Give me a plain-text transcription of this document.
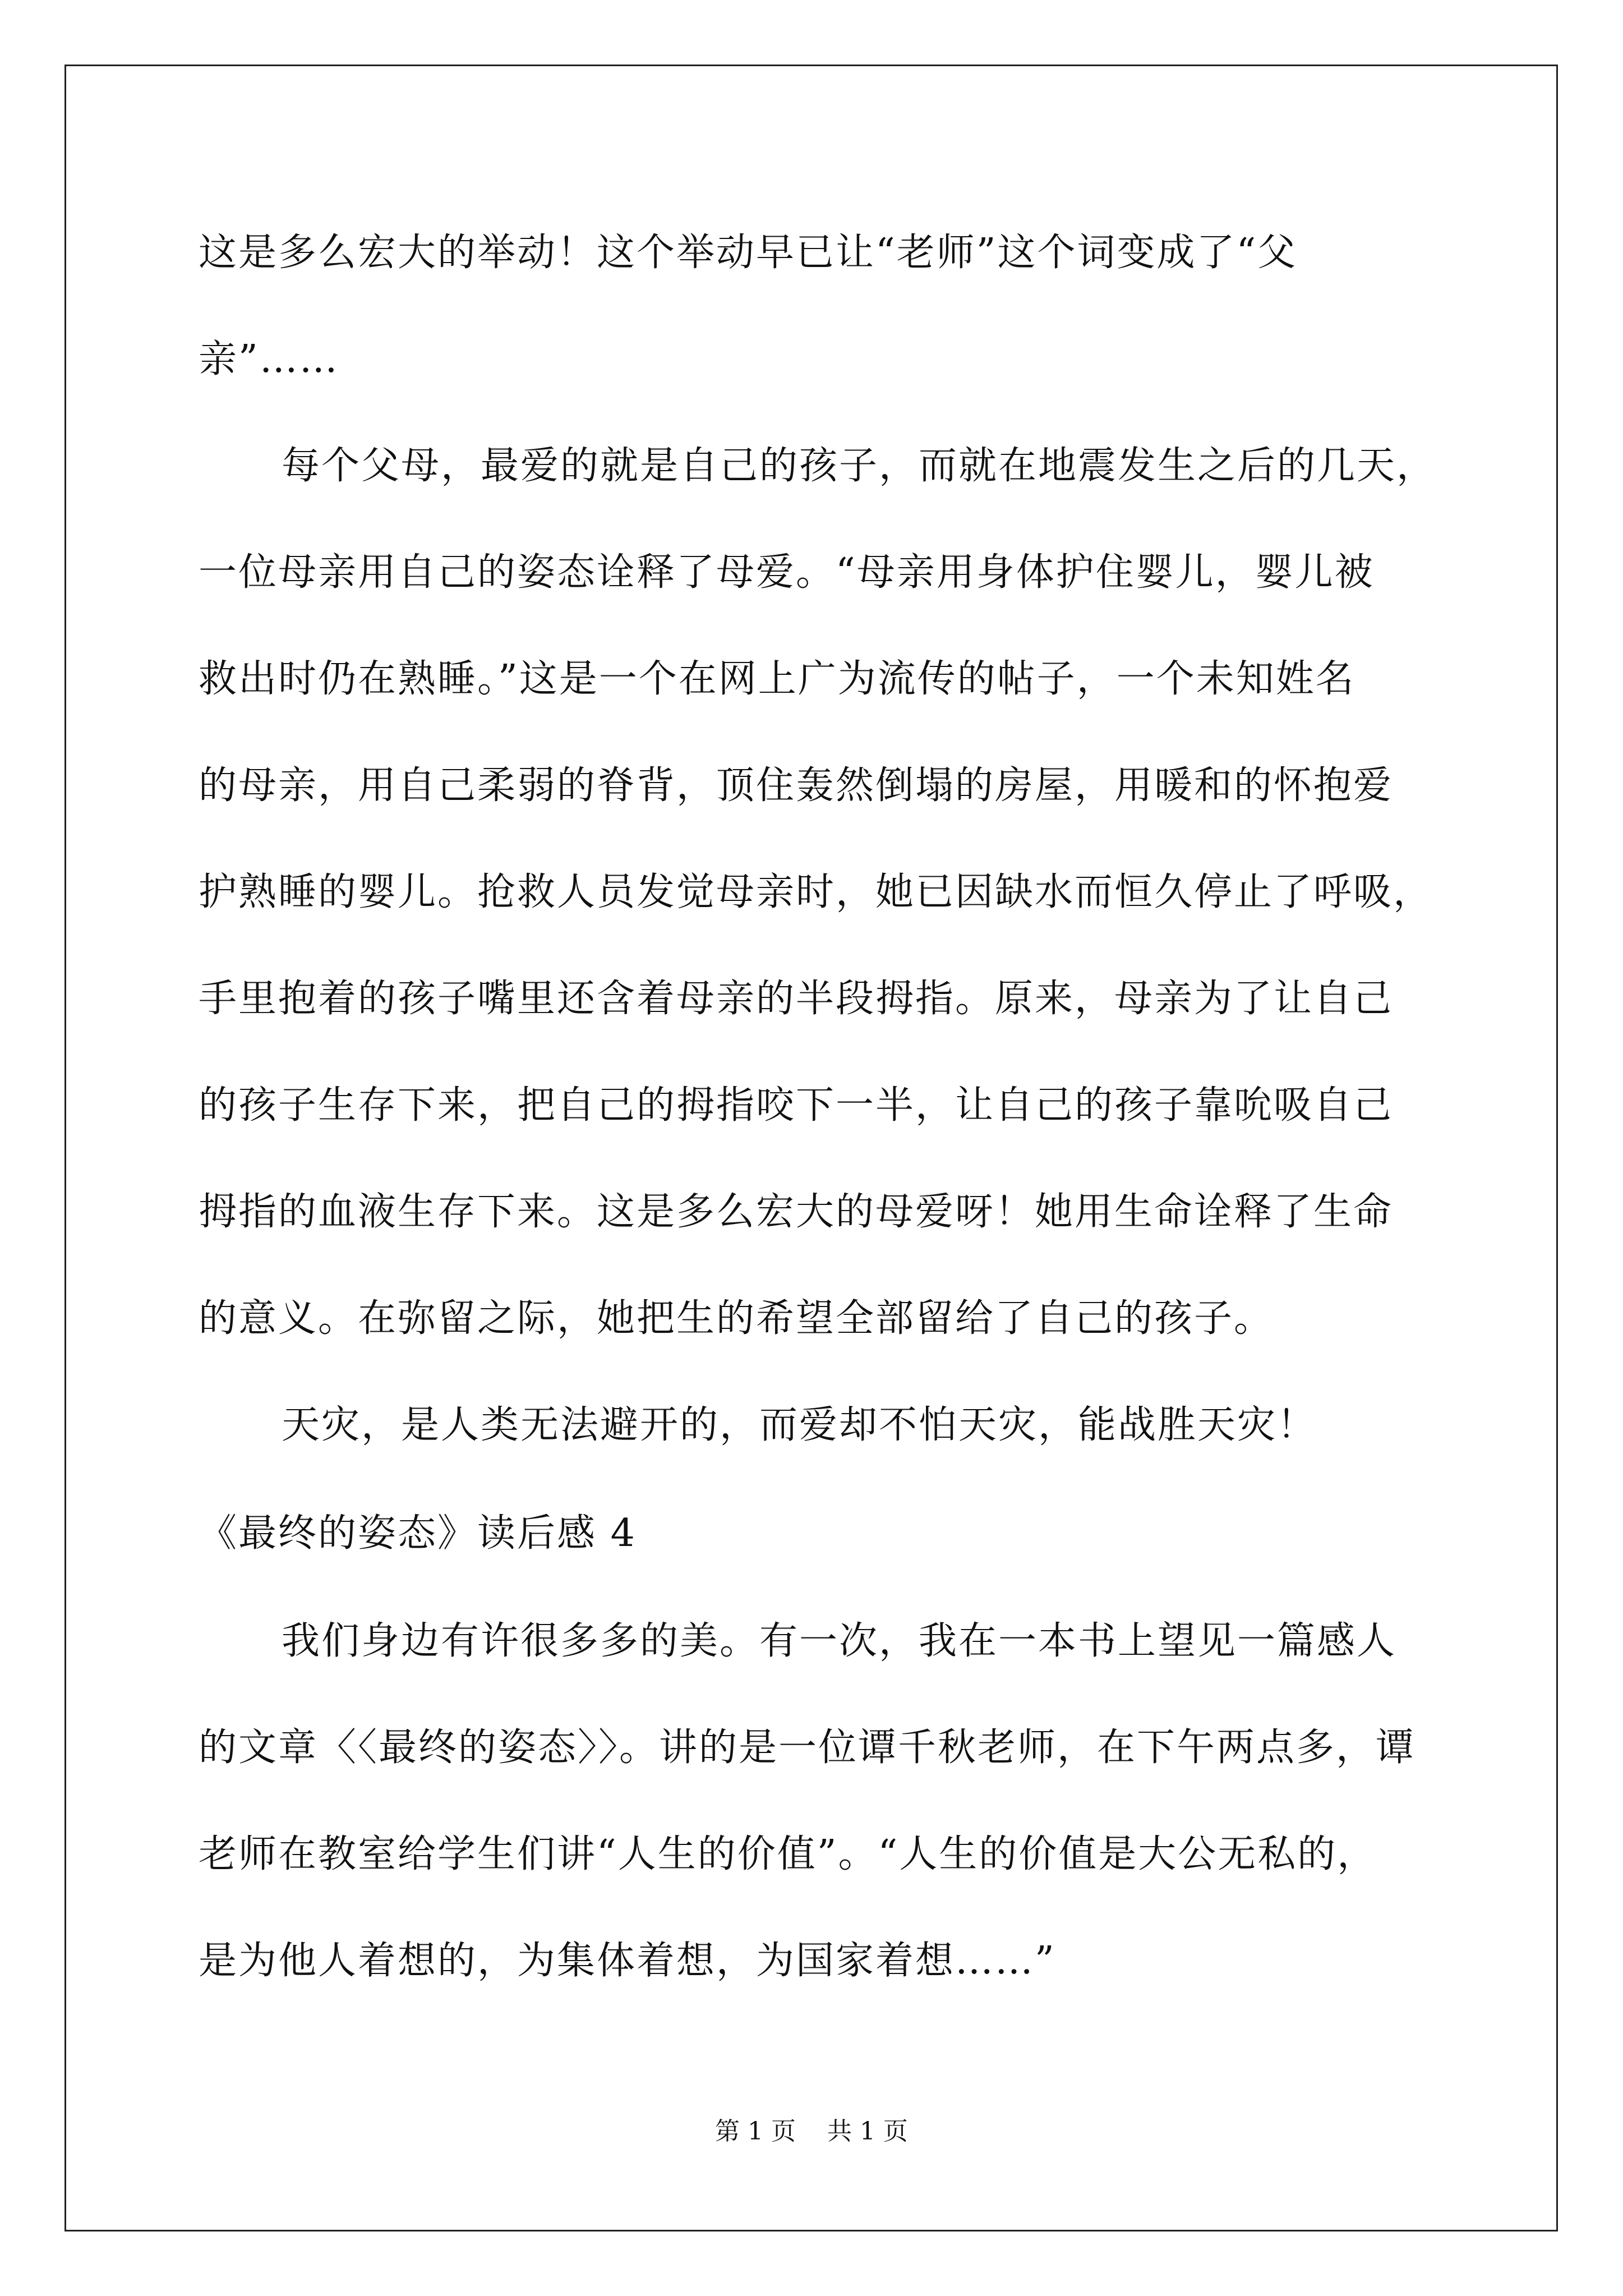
这是多么宏大的举动！这个举动早已让“老师”这个词变成了“父
亲”……
每个父母，最爱的就是自己的孩子，而就在地震发生之后的几天，
一位母亲用自己的姿态诠释了母爱。“母亲用身体护住婴儿，婴儿被
救出时仍在熟睡。”这是一个在网上广为流传的帖子，一个未知姓名
的母亲，用自己柔弱的脊背，顶住轰然倒塌的房屋，用暖和的怀抱爱
护熟睡的婴儿。抢救人员发觉母亲时，她已因缺水而恒久停止了呼吸，
手里抱着的孩子嘴里还含着母亲的半段拇指。原来，母亲为了让自己
的孩子生存下来，把自己的拇指咬下一半，让自己的孩子靠吮吸自己
拇指的血液生存下来。这是多么宏大的母爱呀！她用生命诠释了生命
的意义。在弥留之际，她把生的希望全部留给了自己的孩子。
天灾，是人类无法避开的，而爱却不怕天灾，能战胜天灾！
《最终的姿态》读后感 4
我们身边有许很多多的美。有一次，我在一本书上望见一篇感人
的文章〈〈最终的姿态〉〉。讲的是一位谭千秋老师，在下午两点多，谭
老师在教室给学生们讲“人生的价值”。“人生的价值是大公无私的，
是为他人着想的，为集体着想，为国家着想……”
第 1 页 共 1 页
